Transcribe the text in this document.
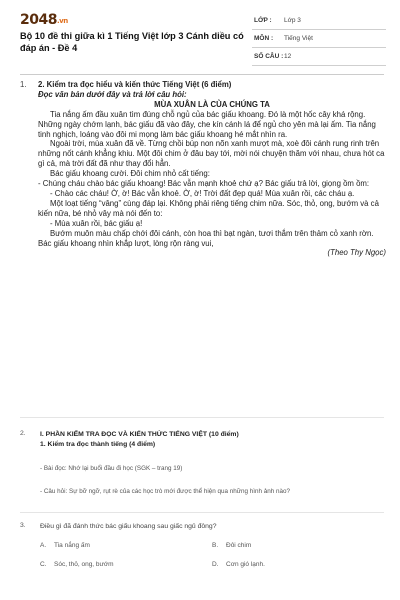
2048.vn
Bộ 10 đề thi giữa kì 1 Tiếng Việt lớp 3 Cánh diều có đáp án - Đề 4
LỚP : Lớp 3
MÔN : Tiếng Việt
SỐ CÂU : 12
1. 2. Kiểm tra đọc hiểu và kiến thức Tiếng Việt (6 điểm)
Đọc văn bản dưới đây và trả lời câu hỏi:
MÙA XUÂN LÀ CỦA CHÚNG TA

Tia nắng ấm đầu xuân tìm đúng chỗ ngủ của bác giấu khoang. Đó là một hốc cây khá rộng. Những ngày chớm lạnh, bác giấu đã vào đây, che kín cánh lá để ngủ cho yên mà lại ấm. Tia nắng tinh nghịch, loáng vào đôi mi mọng làm bác giấu khoang hé mắt nhìn ra.

Ngoài trời, mùa xuân đã về. Từng chồi búp non nõn xanh mượt mà, xoè đôi cánh rung rinh trên những nốt cánh khẳng khiu. Một đôi chim ở đâu bay tới, mời nói chuyện thăm với nhau, chưa hót ca gì cả, mà trời đất đã như thay đổi hẳn.

Bác giấu khoang cười. Đôi chim nhỏ cất tiếng:

- Chúng cháu chào bác giấu khoang! Bác vẫn mạnh khoẻ chứ ạ? Bác giấu trả lời, giọng ồm ồm:

- Chào các cháu! Ờ, ờ! Bác vẫn khoẻ. Ờ, ờ! Trời đất đẹp quá! Mùa xuân rồi, các cháu ạ.

Một loạt tiếng “vâng” cùng đáp lại. Không phải riêng tiếng chim nữa. Sóc, thỏ, ong, bướm và cả kiến nữa, bé nhỏ vây mà nói đến to:

- Mùa xuân rồi, bác giấu ạ!

Bướm muôn màu chấp chới đôi cánh, còn hoa thì bạt ngàn, tươi thắm trên thảm cỏ xanh rờn. Bác giấu khoang nhìn khắp lượt, lòng rộn ràng vui,

(Theo Thy Ngọc)

2. I. PHẦN KIỂM TRA ĐỌC VÀ KIẾN THỨC TIẾNG VIỆT (10 điểm)
1. Kiểm tra đọc thành tiếng (4 điểm)
- Bài đọc: Nhớ lại buổi đầu đi học (SGK – trang 19)
- Câu hỏi: Sự bỡ ngỡ, rụt rè của các học trò mới được thể hiện qua những hình ảnh nào?
3. Điều gì đã đánh thức bác giấu khoang sau giấc ngủ đông?
A. Tia nắng ấm	B. Đôi chim
C. Sóc, thỏ, ong, bướm	D. Cơn gió lạnh.
